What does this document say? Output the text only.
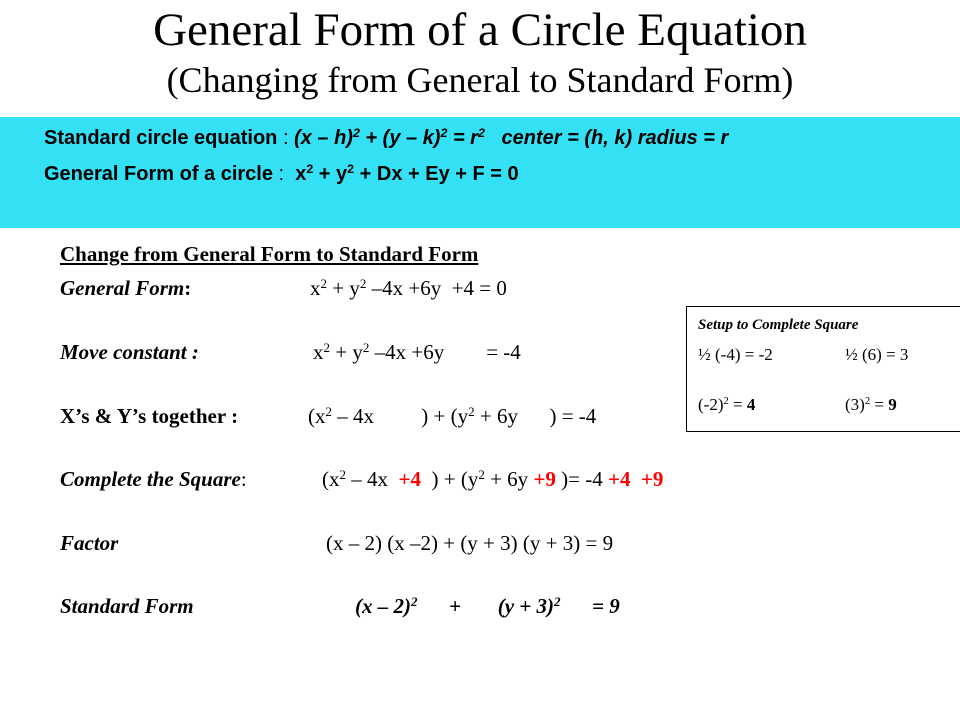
General Form of a Circle Equation
(Changing from General to Standard Form)
Standard circle equation : $(x - h)^2 + (y - k)^2 = r^2$ center = (h, k) radius = r
General Form of a circle :  $x^2 + y^2 + Dx + Ey + F = 0$
Change from General Form to Standard Form
General Form:	$x^2 + y^2$ –4x +6y  +4 = 0
Move constant :	$x^2 + y^2$ –4x +6y        = -4
X’s & Y’s together :	($x^2 - 4x$         ) + ($y^2 + 6y$      ) = -4
Complete the Square:	($x^2 - 4x +4$  ) + ($y^2 + 6y +9$ )= -4 +4  +9
Factor	(x – 2) (x –2) + (y + 3) (y + 3) = 9
Standard Form	(x – 2)$^2$      +       $(y + 3)^2$      = 9
Setup to Complete Square
½ (-4) = -2	½ (6) = 3
$(-2)^2 = 4$	$(3)^2 = 9$
